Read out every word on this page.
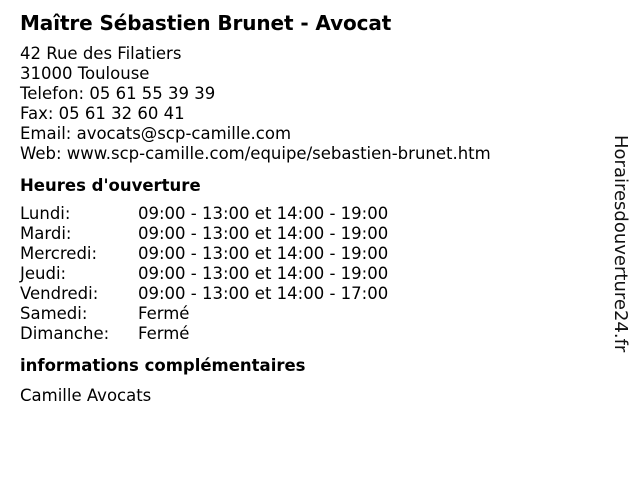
Maître Sébastien Brunet - Avocat
42 Rue des Filatiers
31000 Toulouse
Telefon: 05 61 55 39 39
Fax: 05 61 32 60 41
Email: avocats@scp-camille.com
Web: www.scp-camille.com/equipe/sebastien-brunet.htm
Heures d'ouverture
Lundi:	09:00 - 13:00 et 14:00 - 19:00
Mardi:	09:00 - 13:00 et 14:00 - 19:00
Mercredi:	09:00 - 13:00 et 14:00 - 19:00
Jeudi:	09:00 - 13:00 et 14:00 - 19:00
Vendredi:	09:00 - 13:00 et 14:00 - 17:00
Samedi:	Fermé
Dimanche:	Fermé
informations complémentaires
Camille Avocats
Horairesdouverture24.fr
